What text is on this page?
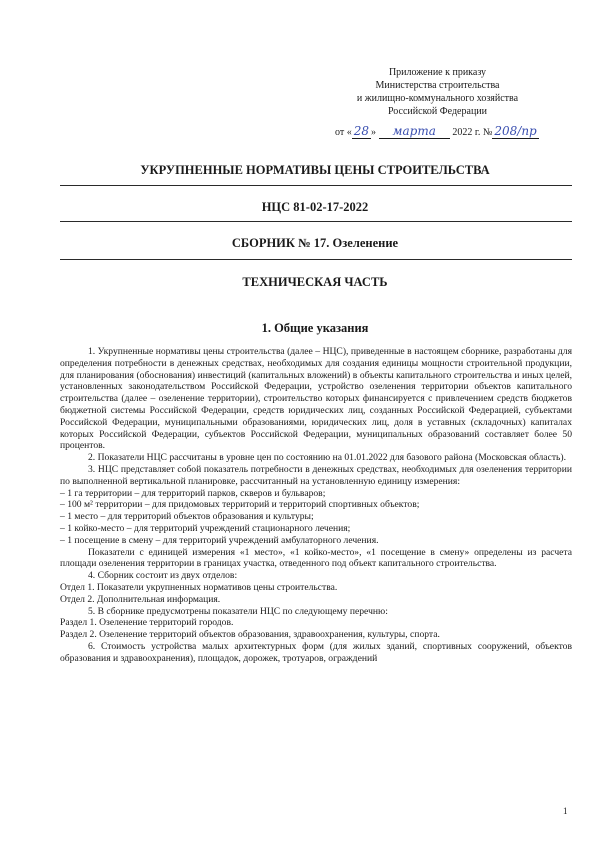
Приложение к приказу
Министерства строительства
и жилищно-коммунального хозяйства
Российской Федерации
от « 28 » марта 2022 г. № 208/пр
УКРУПНЕННЫЕ НОРМАТИВЫ ЦЕНЫ СТРОИТЕЛЬСТВА
НЦС 81-02-17-2022
СБОРНИК № 17. Озеленение
ТЕХНИЧЕСКАЯ ЧАСТЬ
1. Общие указания

1. Укрупненные нормативы цены строительства (далее – НЦС), приведенные в настоящем сборнике, разработаны для определения потребности в денежных средствах, необходимых для создания единицы мощности строительной продукции, для планирования (обоснования) инвестиций (капитальных вложений) в объекты капитального строительства и иных целей, установленных законодательством Российской Федерации, устройство озеленения территории объектов капитального строительства (далее – озеленение территории), строительство которых финансируется с привлечением средств бюджетов бюджетной системы Российской Федерации, средств юридических лиц, созданных Российской Федерацией, субъектами Российской Федерации, муниципальными образованиями, юридических лиц, доля в уставных (складочных) капиталах которых Российской Федерации, субъектов Российской Федерации, муниципальных образований составляет более 50 процентов.

2. Показатели НЦС рассчитаны в уровне цен по состоянию на 01.01.2022 для базового района (Московская область).

3. НЦС представляет собой показатель потребности в денежных средствах, необходимых для озеленения территории по выполненной вертикальной планировке, рассчитанный на установленную единицу измерения:

– 1 га территории – для территорий парков, скверов и бульваров;

– 100 м² территории – для придомовых территорий и территорий спортивных объектов;

– 1 место – для территорий объектов образования и культуры;

– 1 койко-место – для территорий учреждений стационарного лечения;

– 1 посещение в смену – для территорий учреждений амбулаторного лечения.

Показатели с единицей измерения «1 место», «1 койко-место», «1 посещение в смену» определены из расчета площади озеленения территории в границах участка, отведенного под объект капитального строительства.

4. Сборник состоит из двух отделов:

Отдел 1. Показатели укрупненных нормативов цены строительства.

Отдел 2. Дополнительная информация.

5. В сборнике предусмотрены показатели НЦС по следующему перечню:

Раздел 1. Озеленение территорий городов.

Раздел 2. Озеленение территорий объектов образования, здравоохранения, культуры, спорта.

6. Стоимость устройства малых архитектурных форм (для жилых зданий, спортивных сооружений, объектов образования и здравоохранения), площадок, дорожек, тротуаров, ограждений

1
